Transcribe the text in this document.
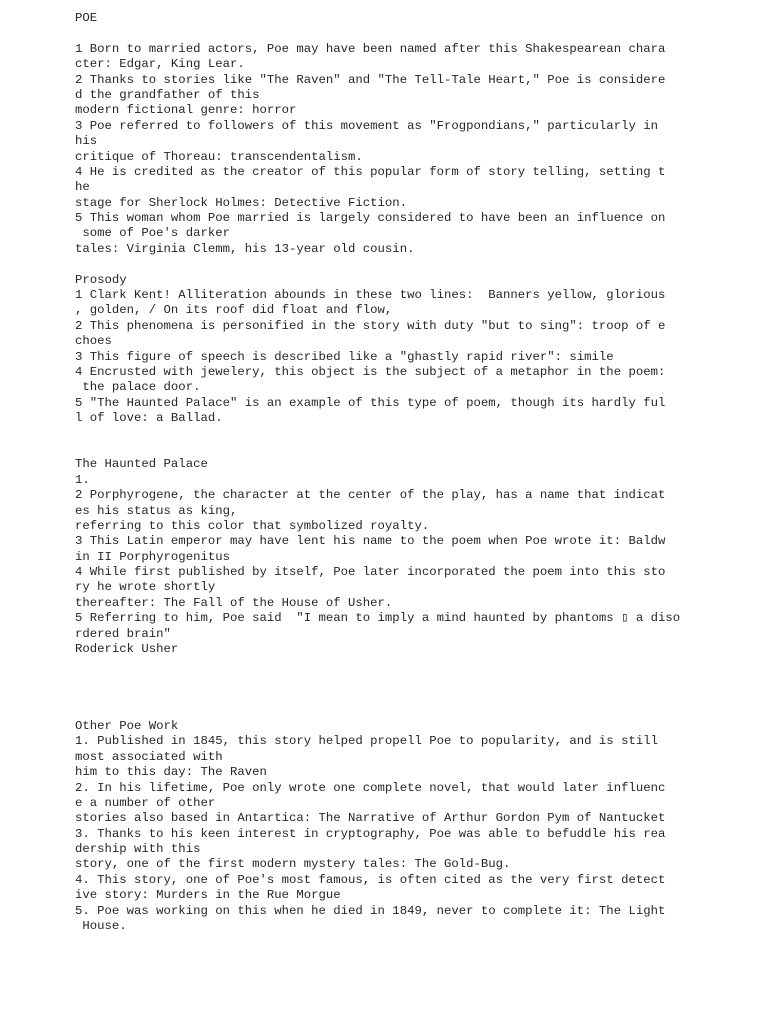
POE
1 Born to married actors, Poe may have been named after this Shakespearean chara
cter: Edgar, King Lear.
2 Thanks to stories like "The Raven" and "The Tell-Tale Heart," Poe is considere
d the grandfather of this
modern fictional genre: horror
3 Poe referred to followers of this movement as "Frogpondians," particularly in
his
critique of Thoreau: transcendentalism.
4 He is credited as the creator of this popular form of story telling, setting t
he
stage for Sherlock Holmes: Detective Fiction.
5 This woman whom Poe married is largely considered to have been an influence on
some of Poe's darker
tales: Virginia Clemm, his 13-year old cousin.
Prosody
1 Clark Kent! Alliteration abounds in these two lines:  Banners yellow, glorious
, golden, / On its roof did float and flow,
2 This phenomena is personified in the story with duty "but to sing": troop of e
choes
3 This figure of speech is described like a "ghastly rapid river": simile
4 Encrusted with jewelery, this object is the subject of a metaphor in the poem:
the palace door.
5 "The Haunted Palace" is an example of this type of poem, though its hardly ful
l of love: a Ballad.
The Haunted Palace
1.
2 Porphyrogene, the character at the center of the play, has a name that indicat
es his status as king,
referring to this color that symbolized royalty.
3 This Latin emperor may have lent his name to the poem when Poe wrote it: Baldw
in II Porphyrogenitus
4 While first published by itself, Poe later incorporated the poem into this sto
ry he wrote shortly
thereafter: The Fall of the House of Usher.
5 Referring to him, Poe said  "I mean to imply a mind haunted by phantoms ▯ a diso
rdered brain"
Roderick Usher
Other Poe Work
1. Published in 1845, this story helped propell Poe to popularity, and is still
most associated with
him to this day: The Raven
2. In his lifetime, Poe only wrote one complete novel, that would later influenc
e a number of other
stories also based in Antartica: The Narrative of Arthur Gordon Pym of Nantucket
3. Thanks to his keen interest in cryptography, Poe was able to befuddle his rea
dership with this
story, one of the first modern mystery tales: The Gold-Bug.
4. This story, one of Poe's most famous, is often cited as the very first detect
ive story: Murders in the Rue Morgue
5. Poe was working on this when he died in 1849, never to complete it: The Light
House.
